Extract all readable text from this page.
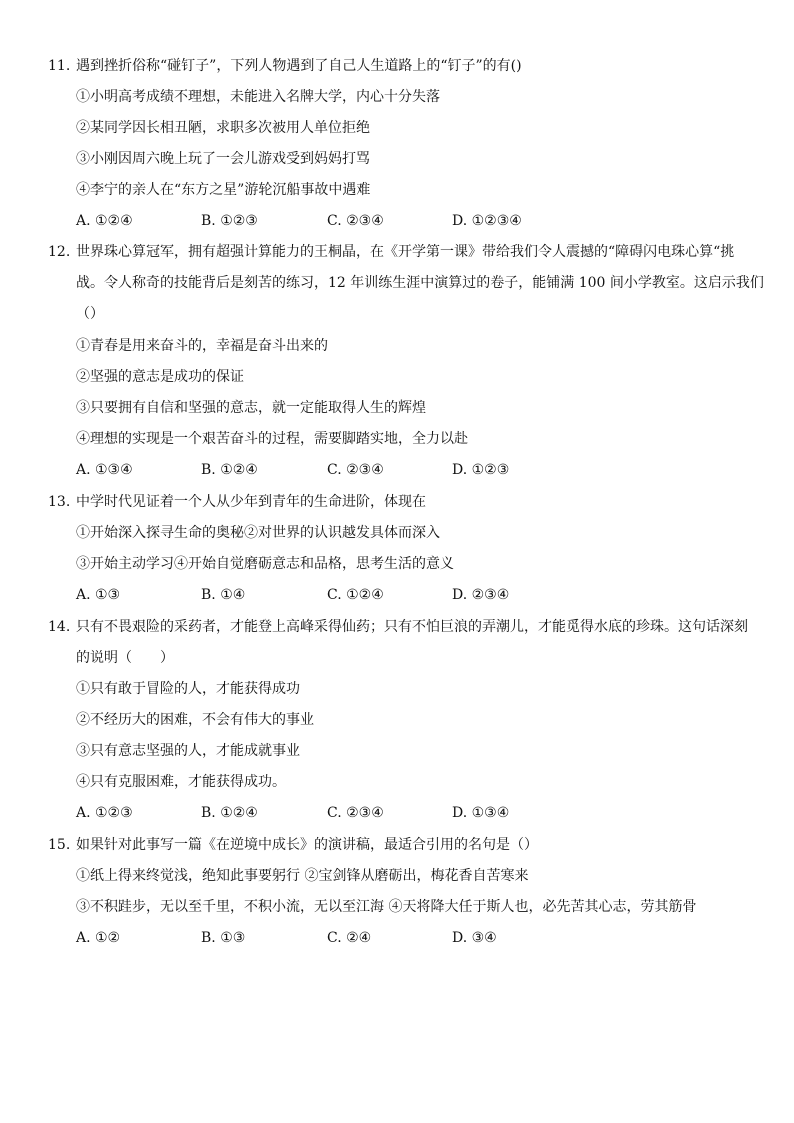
11. 遇到挫折俗称“碰钉子”，下列人物遇到了自己人生道路上的“钉子”的有()
①小明高考成绩不理想，未能进入名牌大学，内心十分失落
②某同学因长相丑陋，求职多次被用人单位拒绝
③小刚因周六晚上玩了一会儿游戏受到妈妈打骂
④李宁的亲人在“东方之星”游轮沉船事故中遇难
A. ①②④	B. ①②③	C. ②③④	D. ①②③④
12. 世界珠心算冠军，拥有超强计算能力的王桐晶，在《开学第一课》带给我们令人震撼的“障碍闪电珠心算“挑
战。令人称奇的技能背后是刻苦的练习，12 年训练生涯中演算过的卷子，能铺满 100 间小学教室。这启示我们
（）
①青春是用来奋斗的，幸福是奋斗出来的
②坚强的意志是成功的保证
③只要拥有自信和坚强的意志，就一定能取得人生的辉煌
④理想的实现是一个艰苦奋斗的过程，需要脚踏实地，全力以赴
A. ①③④	B. ①②④	C. ②③④	D. ①②③
13. 中学时代见证着一个人从少年到青年的生命进阶，体现在
①开始深入探寻生命的奥秘②对世界的认识越发具体而深入
③开始主动学习④开始自觉磨砺意志和品格，思考生活的意义
A. ①③	B. ①④	C. ①②④	D. ②③④
14. 只有不畏艰险的采药者，才能登上高峰采得仙药；只有不怕巨浪的弄潮儿，才能觅得水底的珍珠。这句话深刻
的说明（　　）
①只有敢于冒险的人，才能获得成功
②不经历大的困难，不会有伟大的事业
③只有意志坚强的人，才能成就事业
④只有克服困难，才能获得成功。
A. ①②③	B. ①②④	C. ②③④	D. ①③④
15. 如果针对此事写一篇《在逆境中成长》的演讲稿，最适合引用的名句是（）
①纸上得来终觉浅，绝知此事要躬行 ②宝剑锋从磨砺出，梅花香自苦寒来
③不积跬步，无以至千里，不积小流，无以至江海 ④天将降大任于斯人也，必先苦其心志，劳其筋骨
A. ①②	B. ①③	C. ②④	D. ③④
